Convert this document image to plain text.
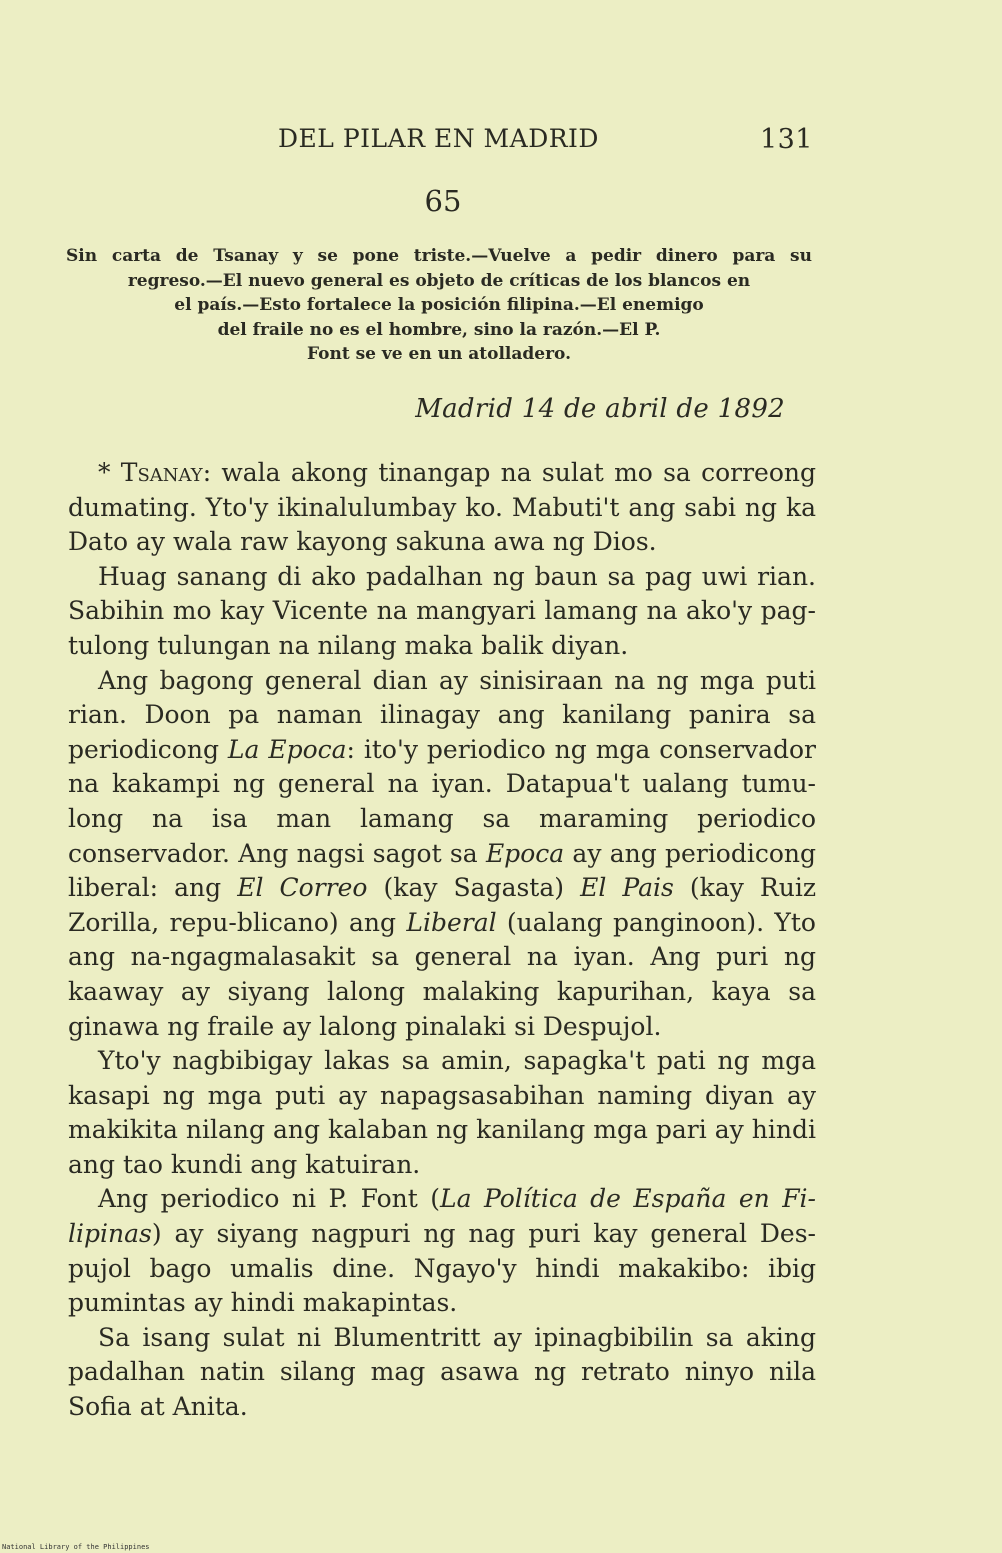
DEL PILAR EN MADRID	131
65

Sin carta de Tsanay y se pone triste.—Vuelve a pedir dinero para su

regreso.—El nuevo general es objeto de críticas de los blancos en

el país.—Esto fortalece la posición filipina.—El enemigo

del fraile no es el hombre, sino la razón.—El P.

Font se ve en un atolladero.

Madrid 14 de abril de 1892

* Tsanay: wala akong tinangap na sulat mo sa correong dumating. Yto'y ikinalulumbay ko. Mabuti't ang sabi ng ka Dato ay wala raw kayong sakuna awa ng Dios.

Huag sanang di ako padalhan ng baun sa pag uwi rian. Sabihin mo kay Vicente na mangyari lamang na ako'y pag-tulong tulungan na nilang maka balik diyan.

Ang bagong general dian ay sinisiraan na ng mga puti rian. Doon pa naman ilinagay ang kanilang panira sa periodicong La Epoca: ito'y periodico ng mga conservador na kakampi ng general na iyan. Datapua't ualang tumu-long na isa man lamang sa maraming periodico conservador. Ang nagsi sagot sa Epoca ay ang periodicong liberal: ang El Correo (kay Sagasta) El Pais (kay Ruiz Zorilla, repu-blicano) ang Liberal (ualang panginoon). Yto ang na-ngagmalasakit sa general na iyan. Ang puri ng kaaway ay siyang lalong malaking kapurihan, kaya sa ginawa ng fraile ay lalong pinalaki si Despujol.

Yto'y nagbibigay lakas sa amin, sapagka't pati ng mga kasapi ng mga puti ay napagsasabihan naming diyan ay makikita nilang ang kalaban ng kanilang mga pari ay hindi ang tao kundi ang katuiran.

Ang periodico ni P. Font (La Política de España en Fi-lipinas) ay siyang nagpuri ng nag puri kay general Des-pujol bago umalis dine. Ngayo'y hindi makakibo: ibig pumintas ay hindi makapintas.

Sa isang sulat ni Blumentritt ay ipinagbibilin sa aking padalhan natin silang mag asawa ng retrato ninyo nila Sofia at Anita.

National Library of the Philippines
